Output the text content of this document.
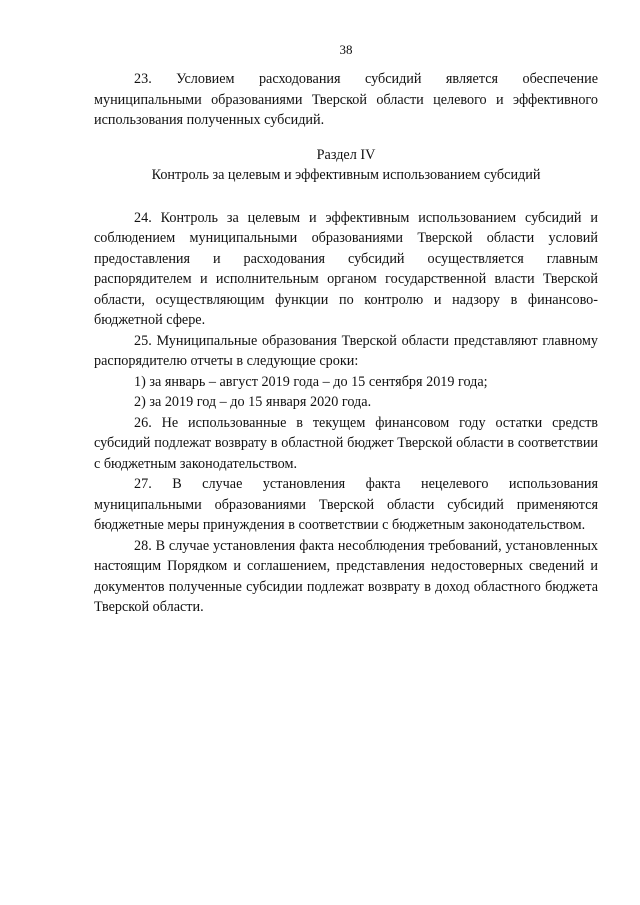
38

23. Условием расходования субсидий является обеспечение муниципальными образованиями Тверской области целевого и эффективного использования полученных субсидий.

Раздел IV

Контроль за целевым и эффективным использованием субсидий

24. Контроль за целевым и эффективным использованием субсидий и соблюдением муниципальными образованиями Тверской области условий предоставления и расходования субсидий осуществляется главным распорядителем и исполнительным органом государственной власти Тверской области, осуществляющим функции по контролю и надзору в финансово-бюджетной сфере.

25. Муниципальные образования Тверской области представляют главному распорядителю отчеты в следующие сроки:

1) за январь – август 2019 года – до 15 сентября 2019 года;

2) за 2019 год – до 15 января 2020 года.

26. Не использованные в текущем финансовом году остатки средств субсидий подлежат возврату в областной бюджет Тверской области в соответствии с бюджетным законодательством.

27. В случае установления факта нецелевого использования муниципальными образованиями Тверской области субсидий применяются бюджетные меры принуждения в соответствии с бюджетным законодательством.

28. В случае установления факта несоблюдения требований, установленных настоящим Порядком и соглашением, представления недостоверных сведений и документов полученные субсидии подлежат возврату в доход областного бюджета Тверской области.
